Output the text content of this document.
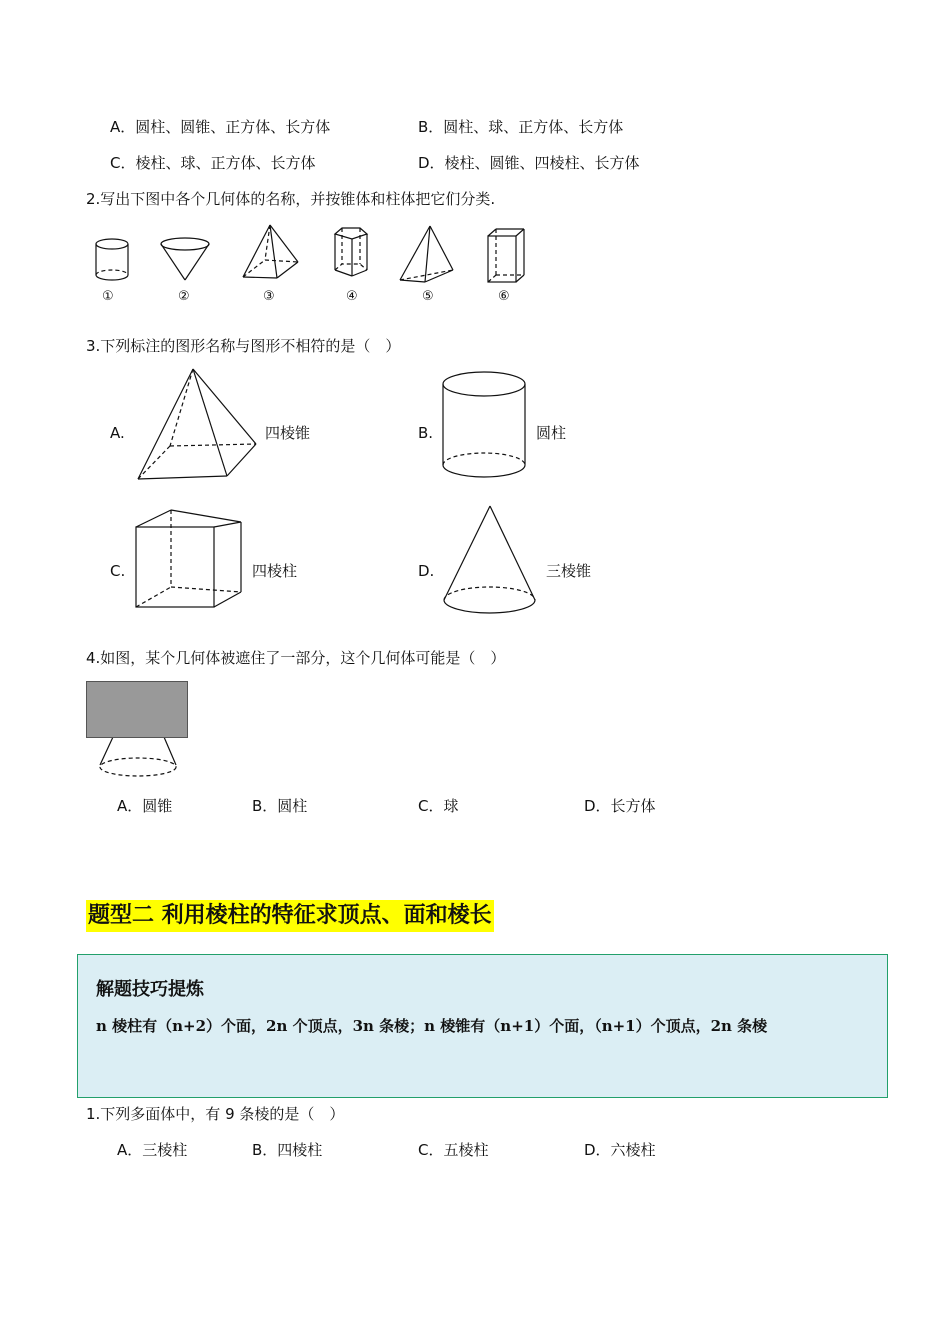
A．圆柱、圆锥、正方体、长方体	B．圆柱、球、正方体、长方体
C．棱柱、球、正方体、长方体	D．棱柱、圆锥、四棱柱、长方体
2.写出下图中各个几何体的名称，并按锥体和柱体把它们分类.
①	②	③	④	⑤	⑥
3.下列标注的图形名称与图形不相符的是（　）
A.	四棱锥	B.	圆柱
C.	四棱柱	D.	三棱锥
4.如图，某个几何体被遮住了一部分，这个几何体可能是（　）
A．圆锥	B．圆柱	C．球	D．长方体
题型二 利用棱柱的特征求顶点、面和棱长
解题技巧提炼
n 棱柱有（n+2）个面，2n 个顶点，3n 条棱；n 棱锥有（n+1）个面，（n+1）个顶点，2n 条棱
1.下列多面体中，有 9 条棱的是（　）
A．三棱柱	B．四棱柱	C．五棱柱	D．六棱柱
